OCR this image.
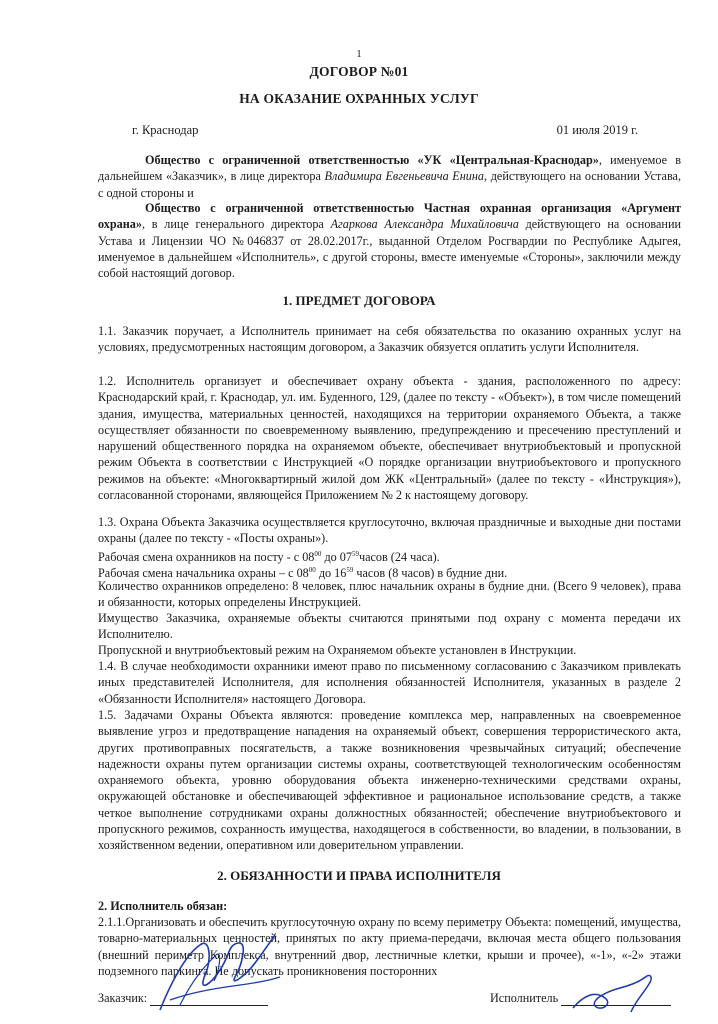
1
ДОГОВОР №01
НА ОКАЗАНИЕ ОХРАННЫХ УСЛУГ
г. Краснодар	01 июля 2019 г.
Общество с ограниченной ответственностью «УК «Центральная-Краснодар», именуемое в дальнейшем «Заказчик», в лице директора Владимира Евгеньевича Енина, действующего на основании Устава, с одной стороны и
Общество с ограниченной ответственностью Частная охранная организация «Аргумент охрана», в лице генерального директора Агаркова Александра Михайловича действующего на основании Устава и Лицензии ЧО №046837 от 28.02.2017г., выданной Отделом Росгвардии по Республике Адыгея, именуемое в дальнейшем «Исполнитель», с другой стороны, вместе именуемые «Стороны», заключили между собой настоящий договор.
1. ПРЕДМЕТ ДОГОВОРА
1.1. Заказчик поручает, а Исполнитель принимает на себя обязательства по оказанию охранных услуг на условиях, предусмотренных настоящим договором, а Заказчик обязуется оплатить услуги Исполнителя.
1.2. Исполнитель организует и обеспечивает охрану объекта - здания, расположенного по адресу: Краснодарский край, г. Краснодар, ул. им. Буденного, 129, (далее по тексту - «Объект»), в том числе помещений здания, имущества, материальных ценностей, находящихся на территории охраняемого Объекта, а также осуществляет обязанности по своевременному выявлению, предупреждению и пресечению преступлений и нарушений общественного порядка на охраняемом объекте, обеспечивает внутриобъектовый и пропускной режим Объекта в соответствии с Инструкцией «О порядке организации внутриобъектового и пропускного режимов на объекте: «Многоквартирный жилой дом ЖК «Центральный» (далее по тексту - «Инструкция»), согласованной сторонами, являющейся Приложением № 2 к настоящему договору.
1.3. Охрана Объекта Заказчика осуществляется круглосуточно, включая праздничные и выходные дни постами охраны (далее по тексту - «Посты охраны»).
Рабочая смена охранников на посту - с $08^{00}$ до $07^{59}часов$ (24 часа).
Рабочая смена начальника охраны – с $08^{00}$ до $16^{59}$ часов (8 часов) в будние дни.
Количество охранников определено: 8 человек, плюс начальник охраны в будние дни. (Всего 9 человек), права и обязанности, которых определены Инструкцией.
Имущество Заказчика, охраняемые объекты считаются принятыми под охрану с момента передачи их Исполнителю.
Пропускной и внутриобъектовый режим на Охраняемом объекте установлен в Инструкции.
1.4. В случае необходимости охранники имеют право по письменному согласованию с Заказчиком привлекать иных представителей Исполнителя, для исполнения обязанностей Исполнителя, указанных в разделе 2 «Обязанности Исполнителя» настоящего Договора.
1.5. Задачами Охраны Объекта являются: проведение комплекса мер, направленных на своевременное выявление угроз и предотвращение нападения на охраняемый объект, совершения террористического акта, других противоправных посягательств, а также возникновения чрезвычайных ситуаций; обеспечение надежности охраны путем организации системы охраны, соответствующей технологическим особенностям охраняемого объекта, уровню оборудования объекта инженерно-техническими средствами охраны, окружающей обстановке и обеспечивающей эффективное и рациональное использование средств, а также четкое выполнение сотрудниками охраны должностных обязанностей; обеспечение внутриобъектового и пропускного режимов, сохранность имущества, находящегося в собственности, во владении, в пользовании, в хозяйственном ведении, оперативном или доверительном управлении.
2. ОБЯЗАННОСТИ И ПРАВА ИСПОЛНИТЕЛЯ
2. Исполнитель обязан:
2.1.1.Организовать и обеспечить круглосуточную охрану по всему периметру Объекта: помещений, имущества, товарно-материальных ценностей, принятых по акту приема-передачи, включая места общего пользования (внешний периметр Комплекса, внутренний двор, лестничные клетки, крыши и прочее), «-1», «-2» этажи подземного паркинга. Не допускать проникновения посторонних
Заказчик:	Исполнитель
